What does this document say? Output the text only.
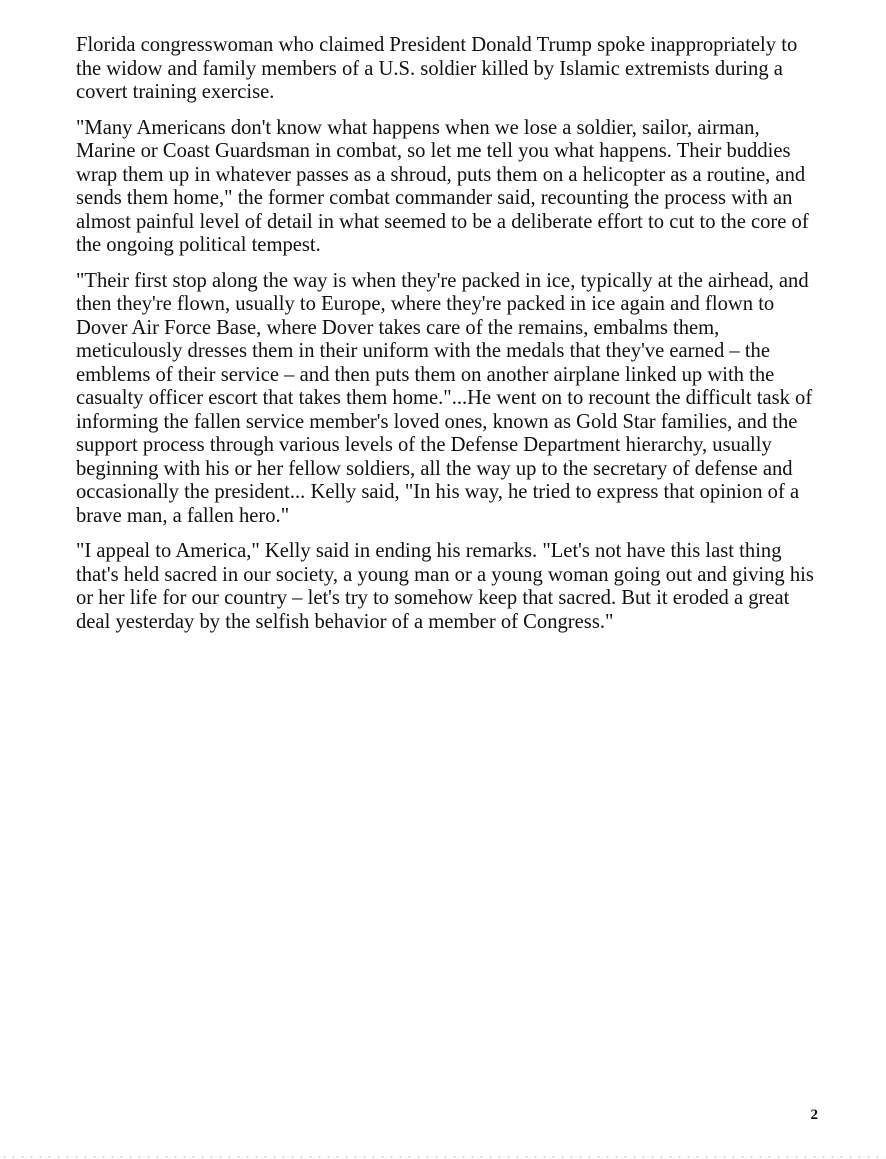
Florida congresswoman who claimed President Donald Trump spoke inappropriately to the widow and family members of a U.S. soldier killed by Islamic extremists during a covert training exercise.

"Many Americans don't know what happens when we lose a soldier, sailor, airman, Marine or Coast Guardsman in combat, so let me tell you what happens. Their buddies wrap them up in whatever passes as a shroud, puts them on a helicopter as a routine, and sends them home," the former combat commander said, recounting the process with an almost painful level of detail in what seemed to be a deliberate effort to cut to the core of the ongoing political tempest.

"Their first stop along the way is when they're packed in ice, typically at the airhead, and then they're flown, usually to Europe, where they're packed in ice again and flown to Dover Air Force Base, where Dover takes care of the remains, embalms them, meticulously dresses them in their uniform with the medals that they've earned – the emblems of their service – and then puts them on another airplane linked up with the casualty officer escort that takes them home."...He went on to recount the difficult task of informing the fallen service member's loved ones, known as Gold Star families, and the support process through various levels of the Defense Department hierarchy, usually beginning with his or her fellow soldiers, all the way up to the secretary of defense and occasionally the president... Kelly said, "In his way, he tried to express that opinion of a brave man, a fallen hero."

"I appeal to America," Kelly said in ending his remarks. "Let's not have this last thing that's held sacred in our society, a young man or a young woman going out and giving his or her life for our country – let's try to somehow keep that sacred. But it eroded a great deal yesterday by the selfish behavior of a member of Congress."

2
